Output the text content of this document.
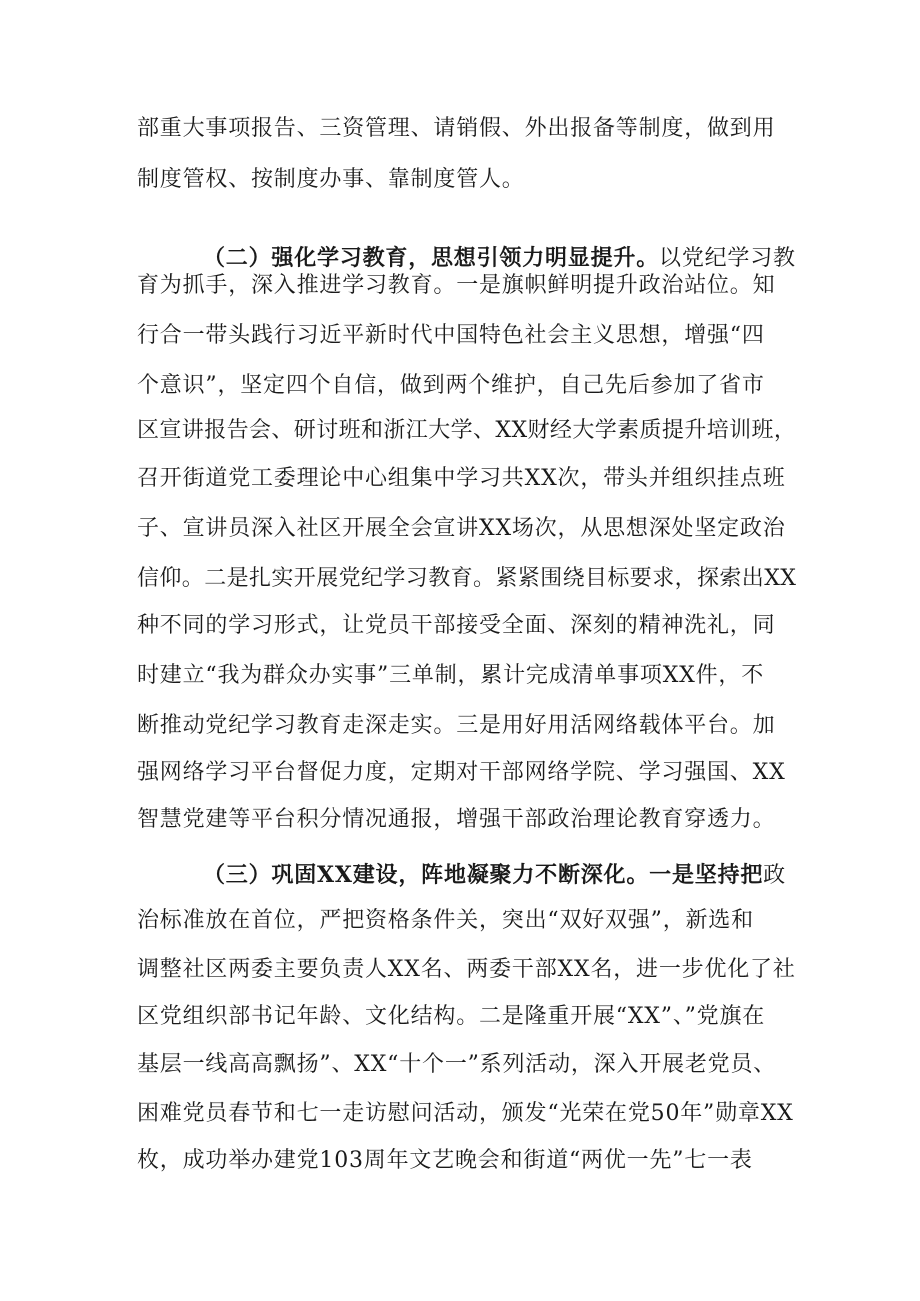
部重大事项报告、三资管理、请销假、外出报备等制度，做到用
制度管权、按制度办事、靠制度管人。
（二）强化学习教育，思想引领力明显提升。以党纪学习教
育为抓手，深入推进学习教育。一是旗帜鲜明提升政治站位。知
行合一带头践行习近平新时代中国特色社会主义思想，增强“四
个意识”，坚定四个自信，做到两个维护，自己先后参加了省市
区宣讲报告会、研讨班和浙江大学、XX财经大学素质提升培训班，
召开街道党工委理论中心组集中学习共XX次，带头并组织挂点班
子、宣讲员深入社区开展全会宣讲XX场次，从思想深处坚定政治
信仰。二是扎实开展党纪学习教育。紧紧围绕目标要求，探索出XX
种不同的学习形式，让党员干部接受全面、深刻的精神洗礼，同
时建立“我为群众办实事”三单制，累计完成清单事项XX件，不
断推动党纪学习教育走深走实。三是用好用活网络载体平台。加
强网络学习平台督促力度，定期对干部网络学院、学习强国、XX
智慧党建等平台积分情况通报，增强干部政治理论教育穿透力。
（三）巩固XX建设，阵地凝聚力不断深化。一是坚持把政
治标准放在首位，严把资格条件关，突出“双好双强”，新选和
调整社区两委主要负责人XX名、两委干部XX名，进一步优化了社
区党组织部书记年龄、文化结构。二是隆重开展“XX”、”党旗在
基层一线高高飘扬”、XX“十个一”系列活动，深入开展老党员、
困难党员春节和七一走访慰问活动，颁发“光荣在党50年”勋章XX
枚，成功举办建党103周年文艺晚会和街道“两优一先”七一表
